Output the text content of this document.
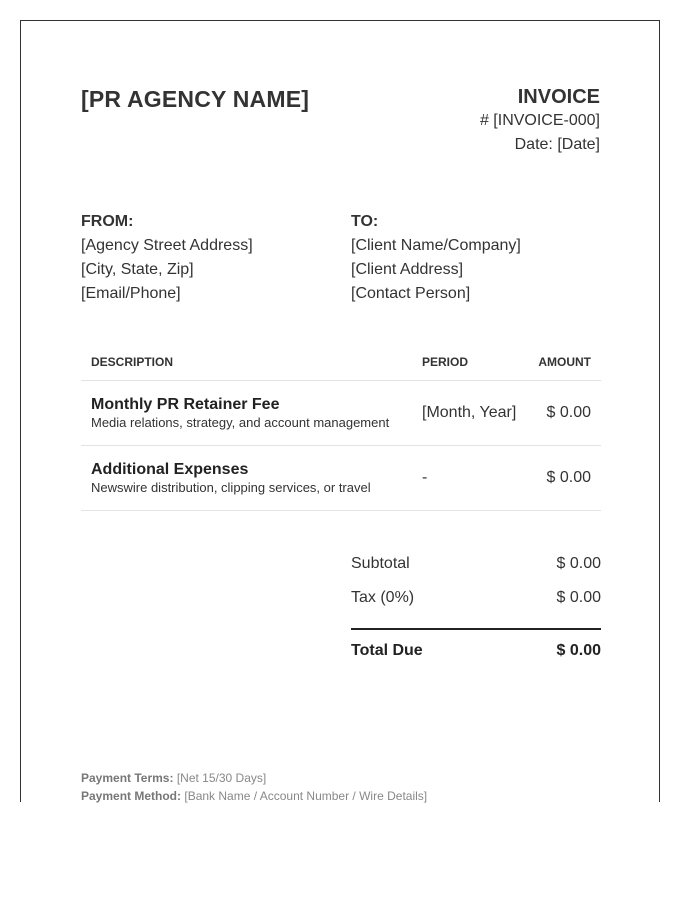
[PR AGENCY NAME]	INVOICE
# [INVOICE-000]
Date: [Date]
FROM:
[Agency Street Address]
[City, State, Zip]
[Email/Phone]
TO:
[Client Name/Company]
[Client Address]
[Contact Person]
DESCRIPTION	PERIOD	AMOUNT
Monthly PR Retainer Fee
Media relations, strategy, and account management
[Month, Year] $ 0.00
Additional Expenses
Newswire distribution, clipping services, or travel
-	$ 0.00
Subtotal	$ 0.00
Tax (0%)	$ 0.00
Total Due	$ 0.00
Payment Terms: [Net 15/30 Days]
Payment Method: [Bank Name / Account Number / Wire Details]
